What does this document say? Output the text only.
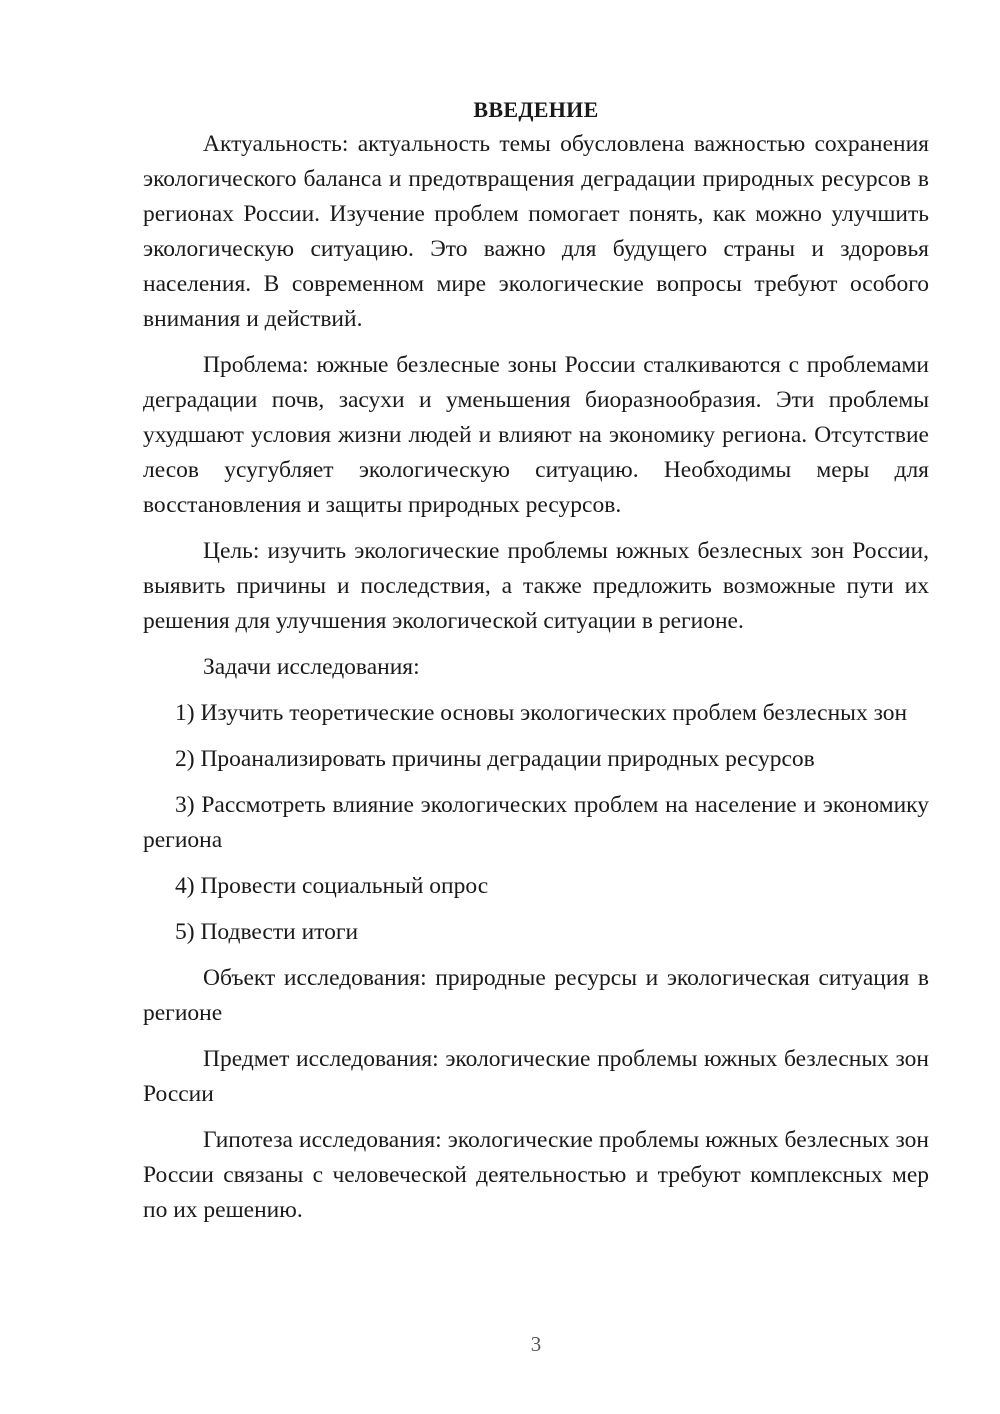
ВВЕДЕНИЕ

Актуальность: актуальность темы обусловлена важностью сохранения экологического баланса и предотвращения деградации природных ресурсов в регионах России. Изучение проблем помогает понять, как можно улучшить экологическую ситуацию. Это важно для будущего страны и здоровья населения. В современном мире экологические вопросы требуют особого внимания и действий.

Проблема: южные безлесные зоны России сталкиваются с проблемами деградации почв, засухи и уменьшения биоразнообразия. Эти проблемы ухудшают условия жизни людей и влияют на экономику региона. Отсутствие лесов усугубляет экологическую ситуацию. Необходимы меры для восстановления и защиты природных ресурсов.

Цель: изучить экологические проблемы южных безлесных зон России, выявить причины и последствия, а также предложить возможные пути их решения для улучшения экологической ситуации в регионе.

Задачи исследования:

1) Изучить теоретические основы экологических проблем безлесных зон

2) Проанализировать причины деградации природных ресурсов

3) Рассмотреть влияние экологических проблем на население и экономику региона

4) Провести социальный опрос

5) Подвести итоги

Объект исследования: природные ресурсы и экологическая ситуация в регионе

Предмет исследования: экологические проблемы южных безлесных зон России

Гипотеза исследования: экологические проблемы южных безлесных зон России связаны с человеческой деятельностью и требуют комплексных мер по их решению.

3
